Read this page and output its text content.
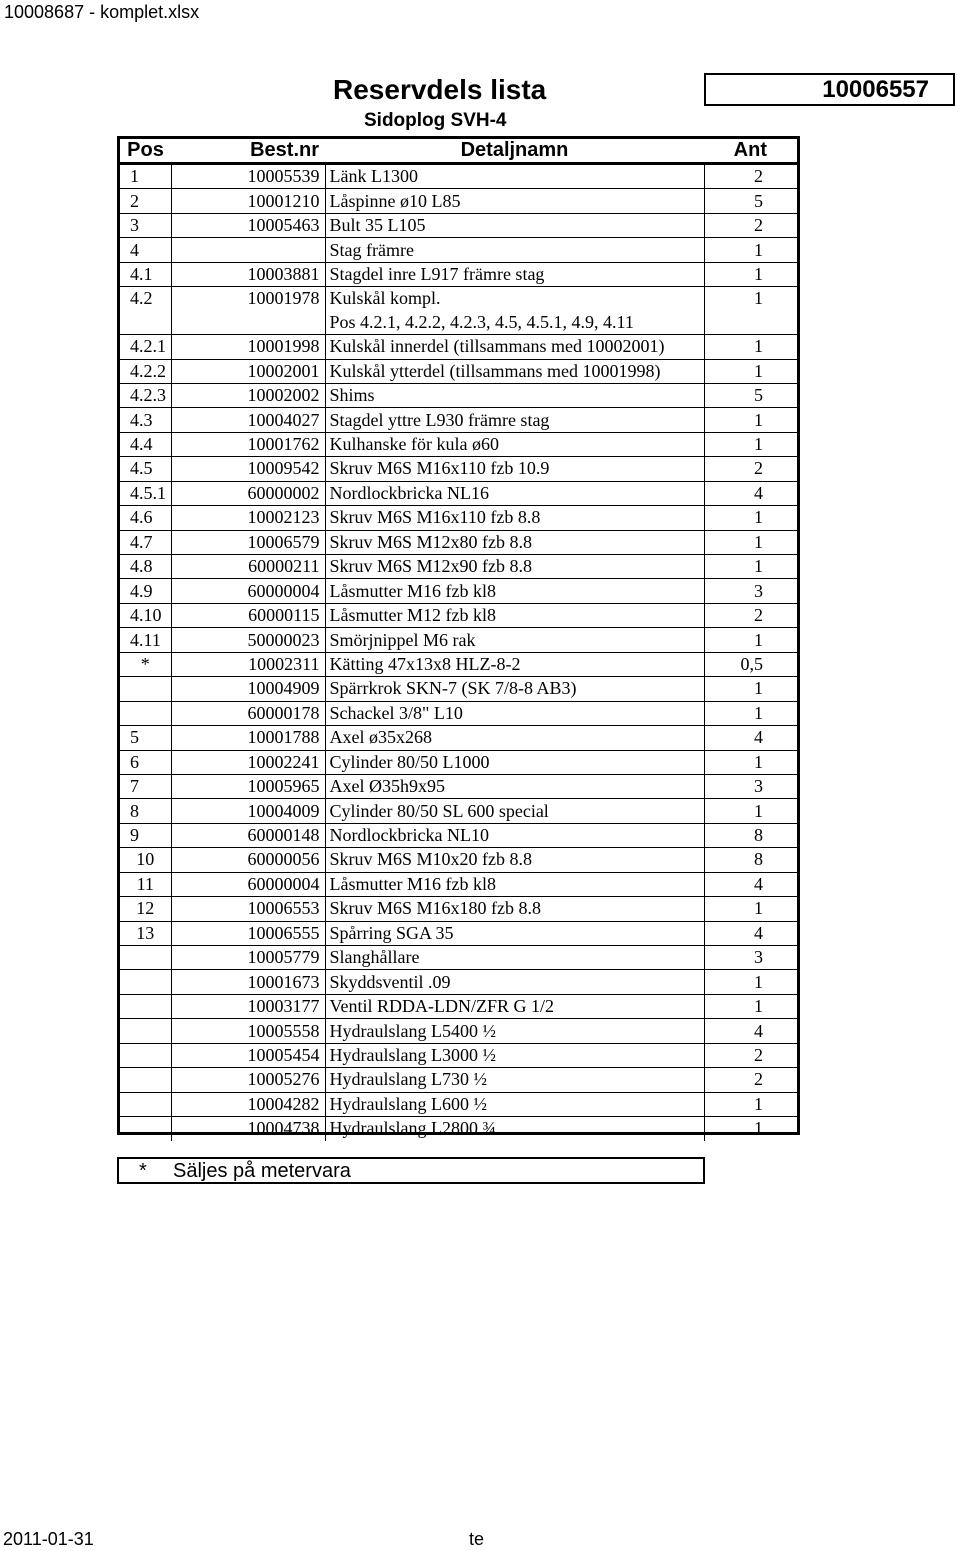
10008687 - komplet.xlsx
Reservdels lista
Sidoplog SVH-4
10006557
Pos	Best.nr	Detaljnamn	Ant
1	10005539	Länk L1300	2
2	10001210	Låspinne ø10 L85	5
3	10005463	Bult 35 L105	2
4		Stag främre	1
4.1	10003881	Stagdel inre L917 främre stag	1
4.2	10001978	Kulskål kompl.	1
		Pos 4.2.1, 4.2.2, 4.2.3, 4.5, 4.5.1, 4.9, 4.11	
4.2.1	10001998	Kulskål innerdel (tillsammans med 10002001)	1
4.2.2	10002001	Kulskål ytterdel (tillsammans med 10001998)	1
4.2.3	10002002	Shims	5
4.3	10004027	Stagdel yttre L930 främre stag	1
4.4	10001762	Kulhanske för kula ø60	1
4.5	10009542	Skruv M6S M16x110 fzb 10.9	2
4.5.1	60000002	Nordlockbricka NL16	4
4.6	10002123	Skruv M6S M16x110 fzb 8.8	1
4.7	10006579	Skruv M6S M12x80 fzb 8.8	1
4.8	60000211	Skruv M6S M12x90 fzb 8.8	1
4.9	60000004	Låsmutter M16 fzb kl8	3
4.10	60000115	Låsmutter M12 fzb kl8	2
4.11	50000023	Smörjnippel M6 rak	1
*	10002311	Kätting 47x13x8 HLZ-8-2	0,5
	10004909	Spärrkrok SKN-7 (SK 7/8-8 AB3)	1
	60000178	Schackel 3/8" L10	1
5	10001788	Axel ø35x268	4
6	10002241	Cylinder 80/50 L1000	1
7	10005965	Axel Ø35h9x95	3
8	10004009	Cylinder 80/50 SL 600 special	1
9	60000148	Nordlockbricka NL10	8
10	60000056	Skruv M6S M10x20 fzb 8.8	8
11	60000004	Låsmutter M16 fzb kl8	4
12	10006553	Skruv M6S M16x180 fzb 8.8	1
13	10006555	Spårring SGA 35	4
	10005779	Slanghållare	3
	10001673	Skyddsventil .09	1
	10003177	Ventil RDDA-LDN/ZFR G 1/2	1
	10005558	Hydraulslang L5400 ½	4
	10005454	Hydraulslang L3000 ½	2
	10005276	Hydraulslang L730 ½	2
	10004282	Hydraulslang L600 ½	1
	10004738	Hydraulslang L2800 ¾	1
* Säljes på metervara
2011-01-31	te
